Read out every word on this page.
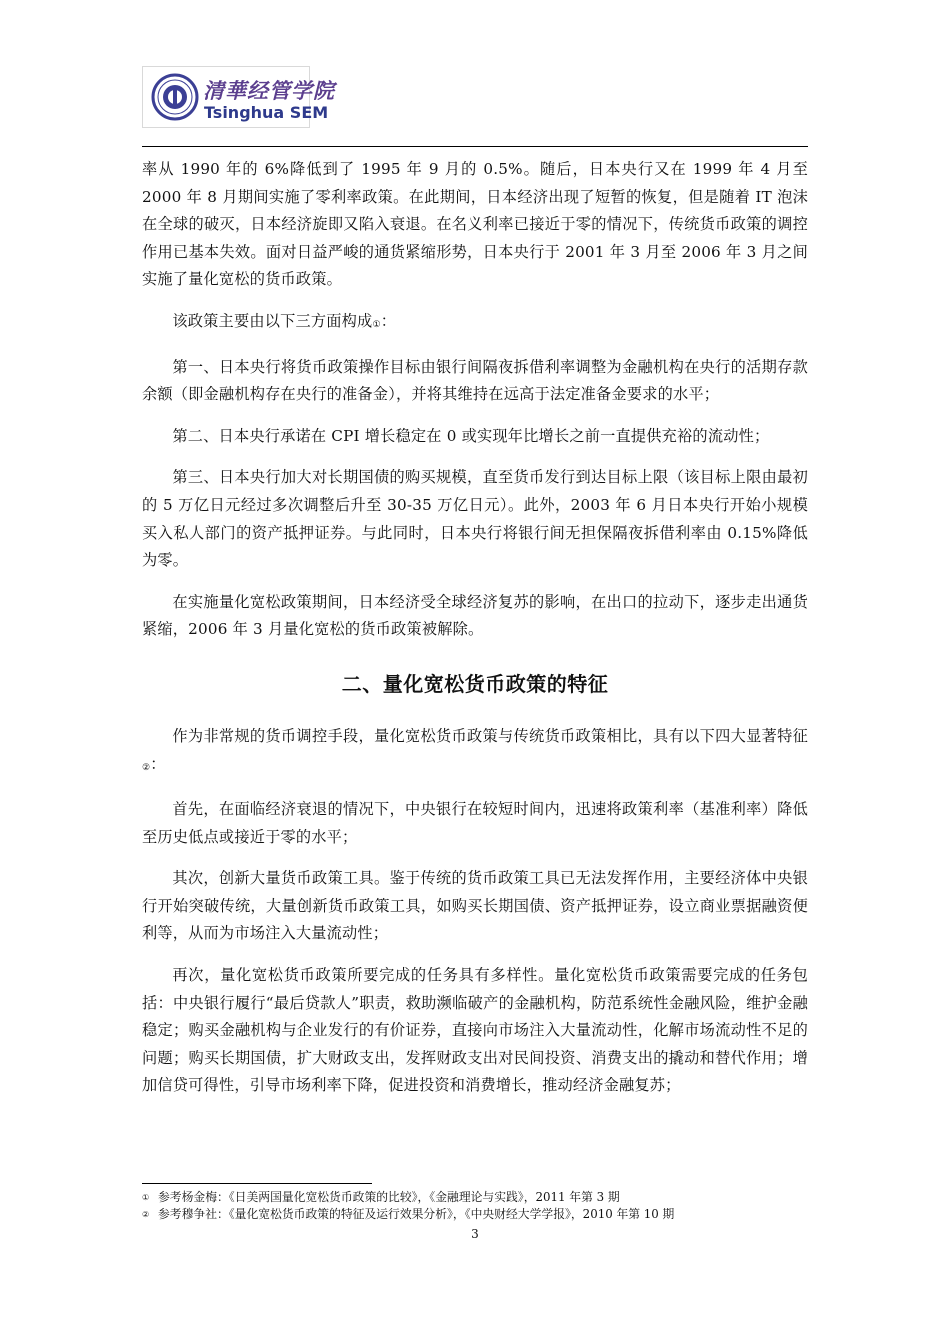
清華经管学院
Tsinghua SEM

率从 1990 年的 6%降低到了 1995 年 9 月的 0.5%。随后，日本央行又在 1999 年 4 月至 2000 年 8 月期间实施了零利率政策。在此期间，日本经济出现了短暂的恢复，但是随着 IT 泡沫在全球的破灭，日本经济旋即又陷入衰退。在名义利率已接近于零的情况下，传统货币政策的调控作用已基本失效。面对日益严峻的通货紧缩形势，日本央行于 2001 年 3 月至 2006 年 3 月之间实施了量化宽松的货币政策。

该政策主要由以下三方面构成①：

第一、日本央行将货币政策操作目标由银行间隔夜拆借利率调整为金融机构在央行的活期存款余额（即金融机构存在央行的准备金），并将其维持在远高于法定准备金要求的水平；

第二、日本央行承诺在 CPI 增长稳定在 0 或实现年比增长之前一直提供充裕的流动性；

第三、日本央行加大对长期国债的购买规模，直至货币发行到达目标上限（该目标上限由最初的 5 万亿日元经过多次调整后升至 30-35 万亿日元）。此外，2003 年 6 月日本央行开始小规模买入私人部门的资产抵押证券。与此同时，日本央行将银行间无担保隔夜拆借利率由 0.15%降低为零。

在实施量化宽松政策期间，日本经济受全球经济复苏的影响，在出口的拉动下，逐步走出通货紧缩，2006 年 3 月量化宽松的货币政策被解除。

二、量化宽松货币政策的特征

作为非常规的货币调控手段，量化宽松货币政策与传统货币政策相比，具有以下四大显著特征②：

首先，在面临经济衰退的情况下，中央银行在较短时间内，迅速将政策利率（基准利率）降低至历史低点或接近于零的水平；

其次，创新大量货币政策工具。鉴于传统的货币政策工具已无法发挥作用，主要经济体中央银行开始突破传统，大量创新货币政策工具，如购买长期国债、资产抵押证券，设立商业票据融资便利等，从而为市场注入大量流动性；

再次，量化宽松货币政策所要完成的任务具有多样性。量化宽松货币政策需要完成的任务包括：中央银行履行“最后贷款人”职责，救助濒临破产的金融机构，防范系统性金融风险，维护金融稳定；购买金融机构与企业发行的有价证券，直接向市场注入大量流动性，化解市场流动性不足的问题；购买长期国债，扩大财政支出，发挥财政支出对民间投资、消费支出的撬动和替代作用；增加信贷可得性，引导市场利率下降，促进投资和消费增长，推动经济金融复苏；

① 参考杨金梅：《日美两国量化宽松货币政策的比较》，《金融理论与实践》，2011 年第 3 期
② 参考穆争社：《量化宽松货币政策的特征及运行效果分析》，《中央财经大学学报》，2010 年第 10 期
3
